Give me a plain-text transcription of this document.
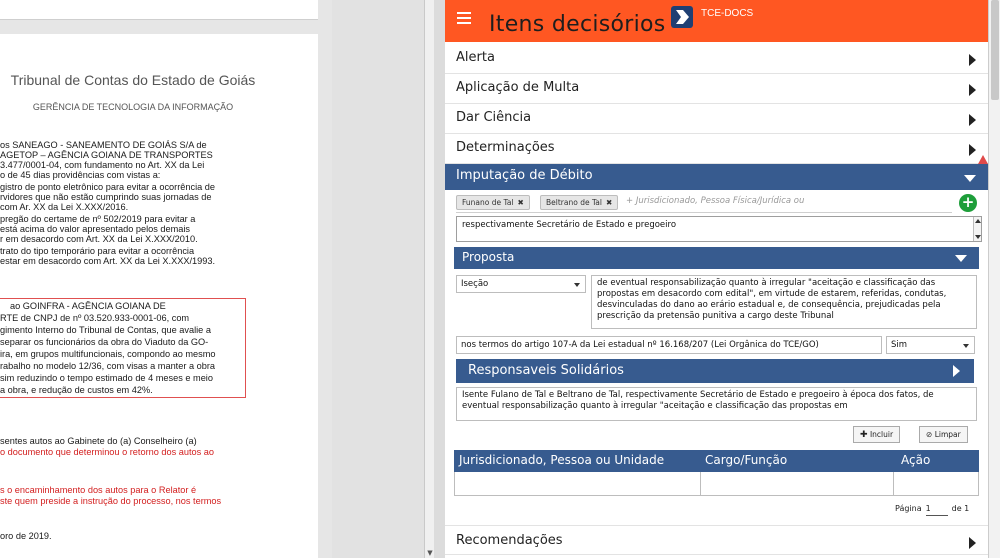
Tribunal de Contas do Estado de Goiás
GERÊNCIA DE TECNOLOGIA DA INFORMAÇÃO
os SANEAGO - SANEAMENTO DE GOIÁS S/A de
AGETOP – AGÊNCIA GOIANA DE TRANSPORTES
3.477/0001-04, com fundamento no Art. XX da Lei
o de 45 dias providências com vistas a:
gistro de ponto eletrônico para evitar a ocorrência de
rvidores que não estão cumprindo suas jornadas de
com Ar. XX da Lei X.XXX/2016.
pregão do certame de nº 502/2019 para evitar a
está acima do valor apresentado pelos demais
r em desacordo com Art. XX da Lei X.XXX/2010.
trato do tipo temporário para evitar a ocorrência
estar em desacordo com Art. XX da Lei X.XXX/1993.
ao GOINFRA - AGÊNCIA GOIANA DE
RTE de CNPJ de nº 03.520.933-0001-06, com
gimento Interno do Tribunal de Contas, que avalie a
separar os funcionários da obra do Viaduto da GO-
ira, em grupos multifuncionais, compondo ao mesmo
rabalho no modelo 12/36, com visas a manter a obra
sim reduzindo o tempo estimado de 4 meses e meio
a obra, e redução de custos em 42%.
sentes autos ao Gabinete do (a) Conselheiro (a)
o documento que determinou o retorno dos autos ao
s o encaminhamento dos autos para o Relator é
ste quem preside a instrução do processo, nos termos
oro de 2019.
▼
Itens decisórios	TCE-DOCS
Alerta
Aplicação de Multa
Dar Ciência
Determinações
Imputação de Débito
Funano de Tal ✖	Beltrano de Tal ✖	+ Jurisdicionado, Pessoa Física/Jurídica ou	+
respectivamente Secretário de Estado e pregoeiro
Proposta
Iseção	de eventual responsabilização quanto à irregular "aceitação e classificação das propostas em desacordo com edital", em virtude de estarem, referidas, condutas, desvinculadas do dano ao erário estadual e, de consequência, prejudicadas pela prescrição da pretensão punitiva a cargo deste Tribunal
nos termos do artigo 107-A da Lei estadual nº 16.168/207 (Lei Orgânica do TCE/GO)	Sim
Responsaveis Solidários
Isente Fulano de Tal e Beltrano de Tal, respectivamente Secretário de Estado e pregoeiro à época dos fatos, de eventual responsabilização quanto à irregular "aceitação e classificação das propostas em
✚ Incluir	⊘ Limpar
Jurisdicionado, Pessoa ou Unidade	Cargo/Função	Ação
Página 1	de 1
Recomendações
